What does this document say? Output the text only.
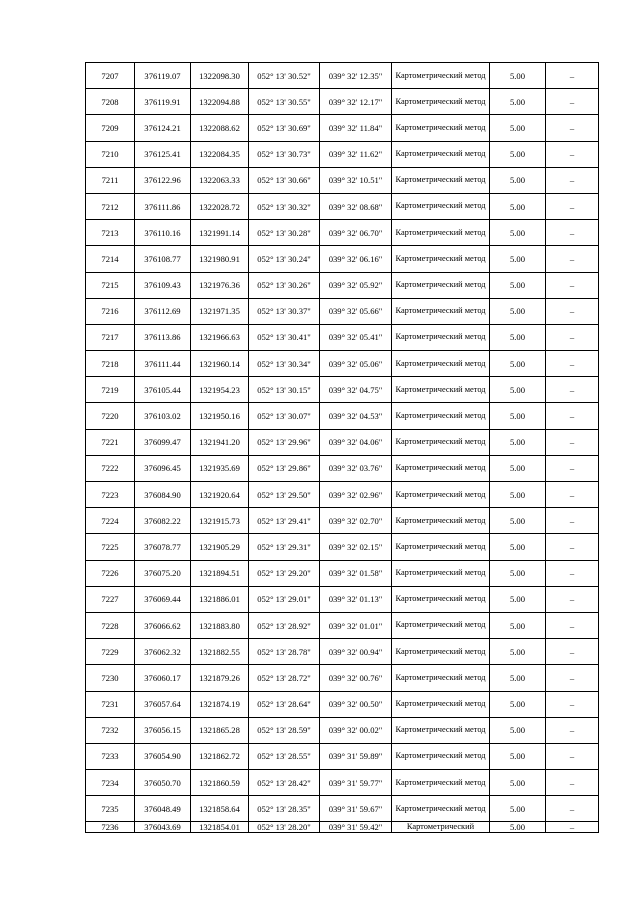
7207	376119.07	1322098.30	052° 13' 30.52"	039° 32' 12.35"	Картометрический метод	5.00	–
7208	376119.91	1322094.88	052° 13' 30.55"	039° 32' 12.17"	Картометрический метод	5.00	–
7209	376124.21	1322088.62	052° 13' 30.69"	039° 32' 11.84"	Картометрический метод	5.00	–
7210	376125.41	1322084.35	052° 13' 30.73"	039° 32' 11.62"	Картометрический метод	5.00	–
7211	376122.96	1322063.33	052° 13' 30.66"	039° 32' 10.51"	Картометрический метод	5.00	–
7212	376111.86	1322028.72	052° 13' 30.32"	039° 32' 08.68"	Картометрический метод	5.00	–
7213	376110.16	1321991.14	052° 13' 30.28"	039° 32' 06.70"	Картометрический метод	5.00	–
7214	376108.77	1321980.91	052° 13' 30.24"	039° 32' 06.16"	Картометрический метод	5.00	–
7215	376109.43	1321976.36	052° 13' 30.26"	039° 32' 05.92"	Картометрический метод	5.00	–
7216	376112.69	1321971.35	052° 13' 30.37"	039° 32' 05.66"	Картометрический метод	5.00	–
7217	376113.86	1321966.63	052° 13' 30.41"	039° 32' 05.41"	Картометрический метод	5.00	–
7218	376111.44	1321960.14	052° 13' 30.34"	039° 32' 05.06"	Картометрический метод	5.00	–
7219	376105.44	1321954.23	052° 13' 30.15"	039° 32' 04.75"	Картометрический метод	5.00	–
7220	376103.02	1321950.16	052° 13' 30.07"	039° 32' 04.53"	Картометрический метод	5.00	–
7221	376099.47	1321941.20	052° 13' 29.96"	039° 32' 04.06"	Картометрический метод	5.00	–
7222	376096.45	1321935.69	052° 13' 29.86"	039° 32' 03.76"	Картометрический метод	5.00	–
7223	376084.90	1321920.64	052° 13' 29.50"	039° 32' 02.96"	Картометрический метод	5.00	–
7224	376082.22	1321915.73	052° 13' 29.41"	039° 32' 02.70"	Картометрический метод	5.00	–
7225	376078.77	1321905.29	052° 13' 29.31"	039° 32' 02.15"	Картометрический метод	5.00	–
7226	376075.20	1321894.51	052° 13' 29.20"	039° 32' 01.58"	Картометрический метод	5.00	–
7227	376069.44	1321886.01	052° 13' 29.01"	039° 32' 01.13"	Картометрический метод	5.00	–
7228	376066.62	1321883.80	052° 13' 28.92"	039° 32' 01.01"	Картометрический метод	5.00	–
7229	376062.32	1321882.55	052° 13' 28.78"	039° 32' 00.94"	Картометрический метод	5.00	–
7230	376060.17	1321879.26	052° 13' 28.72"	039° 32' 00.76"	Картометрический метод	5.00	–
7231	376057.64	1321874.19	052° 13' 28.64"	039° 32' 00.50"	Картометрический метод	5.00	–
7232	376056.15	1321865.28	052° 13' 28.59"	039° 32' 00.02"	Картометрический метод	5.00	–
7233	376054.90	1321862.72	052° 13' 28.55"	039° 31' 59.89"	Картометрический метод	5.00	–
7234	376050.70	1321860.59	052° 13' 28.42"	039° 31' 59.77"	Картометрический метод	5.00	–
7235	376048.49	1321858.64	052° 13' 28.35"	039° 31' 59.67"	Картометрический метод	5.00	–
7236	376043.69	1321854.01	052° 13' 28.20"	039° 31' 59.42"	Картометрический	5.00	–
